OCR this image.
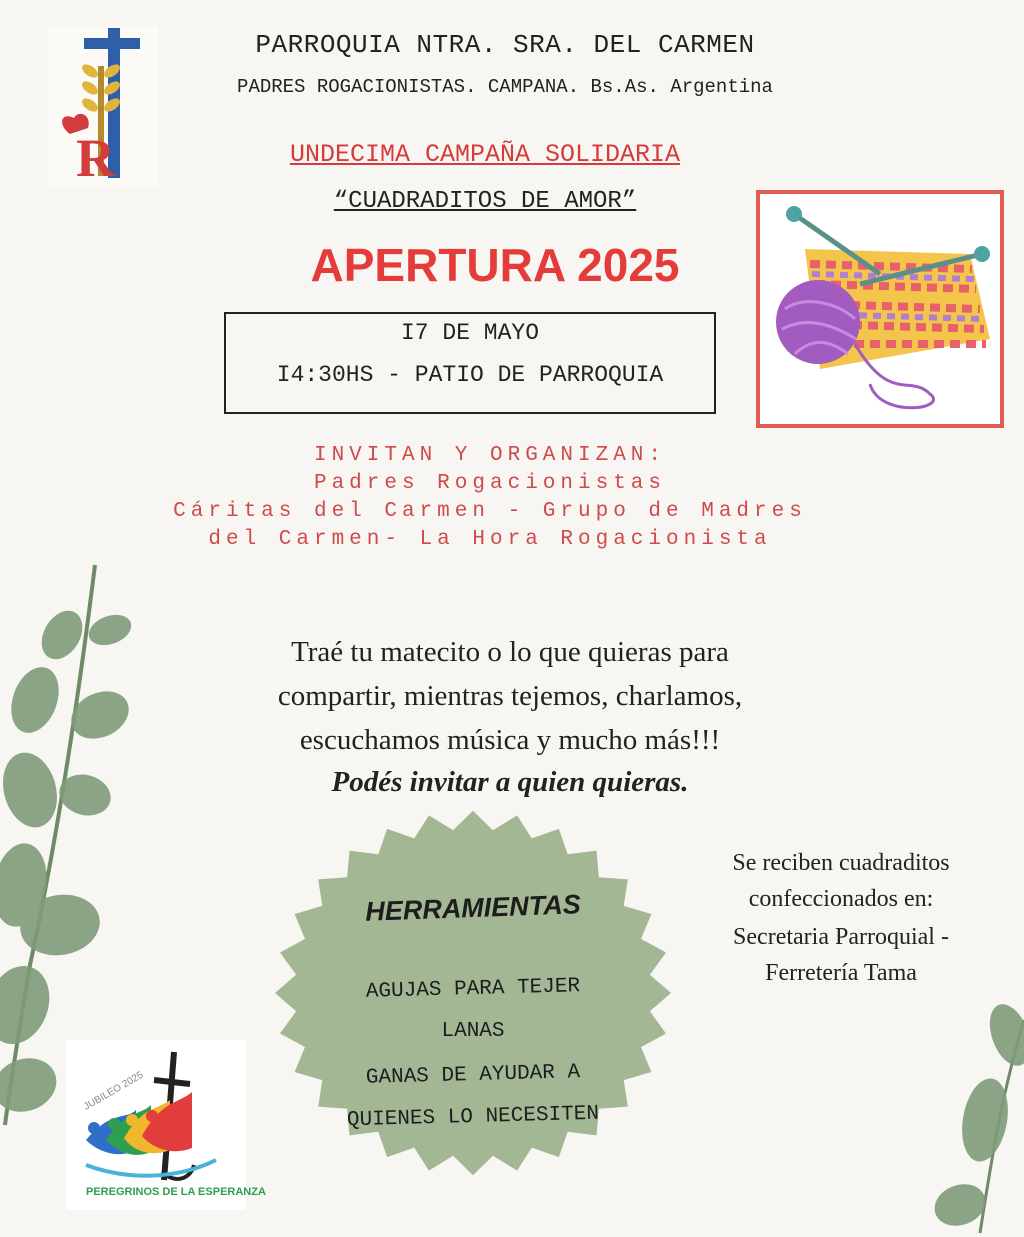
R
PARROQUIA NTRA. SRA. DEL CARMEN
PADRES ROGACIONISTAS. CAMPANA. Bs.As. Argentina
UNDECIMA CAMPAÑA SOLIDARIA
“CUADRADITOS DE AMOR”
APERTURA 2025
I7 DE MAYO
I4:30HS - PATIO DE PARROQUIA
INVITAN Y ORGANIZAN:
Padres Rogacionistas
Cáritas del Carmen - Grupo de Madres
del Carmen- La Hora Rogacionista
Traé tu matecito o lo que quieras para
compartir, mientras tejemos, charlamos,
escuchamos música y mucho más!!!
Podés invitar a quien quieras.
HERRAMIENTAS
AGUJAS PARA TEJER
LANAS
GANAS DE AYUDAR A
QUIENES LO NECESITEN
Se reciben cuadraditos
confeccionados en:
Secretaria Parroquial -
Ferretería Tama
JUBILEO 2025
PEREGRINOS DE LA ESPERANZA
